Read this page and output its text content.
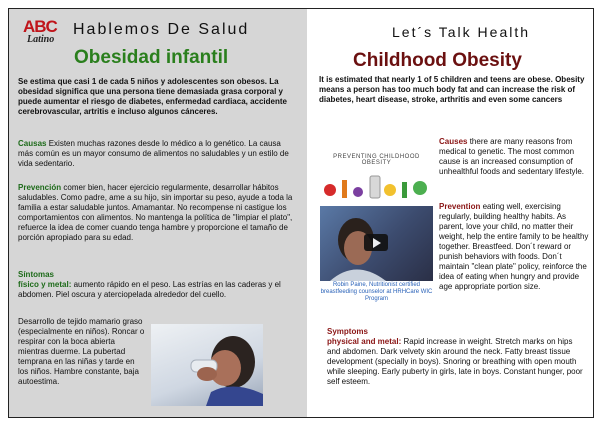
ABC
Latino
Hablemos De Salud	Let´s Talk Health
Obesidad infantil	Childhood Obesity
Se estima que casi 1 de cada 5 niños y adolescentes son obesos. La obesidad significa que una persona tiene demasiada grasa corporal y puede aumentar el riesgo de diabetes, enfermedad cardiaca, accidente cerebrovascular, artritis e incluso algunos cánceres.
Causas Existen muchas razones desde lo médico a lo genético. La causa más común es un mayor consumo de alimentos no saludables y un estilo de vida sedentario.
Prevención comer bien, hacer ejercicio regularmente, desarrollar hábitos saludables. Como padre, ame a su hijo, sin importar su peso, ayude a toda la familia a estar saludable juntos. Amamantar. No recompense ni castigue los comportamientos con alimentos. No mantenga la política de "limpiar el plato", refuerce la idea de comer cuando tenga hambre y proporcione el tamaño de porción apropiado para su edad.
Síntomas
físico y metal: aumento rápido en el peso. Las estrías en las caderas y el abdomen. Piel oscura y aterciopelada alrededor del cuello.
Desarrollo de tejido mamario graso (especialmente en niños). Roncar o respirar con la boca abierta mientras duerme. La pubertad temprana en las niñas y tarde en los niños. Hambre constante, baja autoestima.
It is estimated that nearly 1 of 5 children and teens are obese. Obesity means a person has too much body fat and can increase the risk of diabetes, heart disease, stroke, arthritis and even some cancers
Causes there are many reasons from medical to genetic. The most common cause is an increased consumption of unhealthful foods and sedentary lifestyle.
Prevention eating well, exercising regularly, building healthy habits. As parent, love your child, no matter their weight, help the entire family to be healthy together. Breastfeed. Don´t reward or punish behaviors with foods. Don´t maintain "clean plate" policy, reinforce the idea of eating when hungry and provide age appropriate portion size.
Symptoms
physical and metal: Rapid increase in weight. Stretch marks on hips and abdomen. Dark velvety skin around the neck. Fatty breast tissue development (specially in boys). Snoring or breathing with open mouth while sleeping. Early puberty in girls, late in boys. Constant hunger, poor self esteem.
PREVENTING CHILDHOOD OBESITY
Robin Paine, Nutritionist certified breastfeeding counselor at HRHCare WIC Program
